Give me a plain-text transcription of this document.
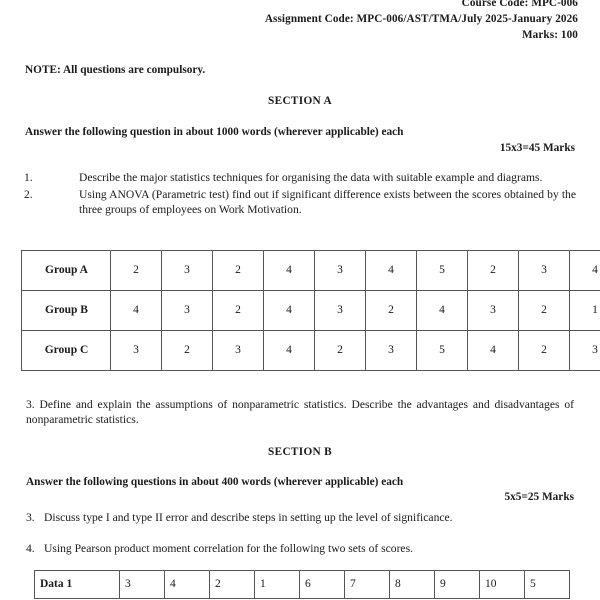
Course Code: MPC-006
Assignment Code: MPC-006/AST/TMA/July 2025-January 2026
Marks: 100
NOTE: All questions are compulsory.
SECTION A
Answer the following question in about 1000 words (wherever applicable) each
15x3=45 Marks
1.	Describe the major statistics techniques for organising the data with suitable example and diagrams.
2.	Using ANOVA (Parametric test) find out if significant difference exists between the scores obtained by the three groups of employees on Work Motivation.
Group A	2	3	2	4	3	4	5	2	3	4
Group B	4	3	2	4	3	2	4	3	2	1
Group C	3	2	3	4	2	3	5	4	2	3
3. Define and explain the assumptions of nonparametric statistics. Describe the advantages and disadvantages of nonparametric statistics.
SECTION B
Answer the following questions in about 400 words (wherever applicable) each
5x5=25 Marks
3. Discuss type I and type II error and describe steps in setting up the level of significance.
4. Using Pearson product moment correlation for the following two sets of scores.
Data 1	3	4	2	1	6	7	8	9	10	5
